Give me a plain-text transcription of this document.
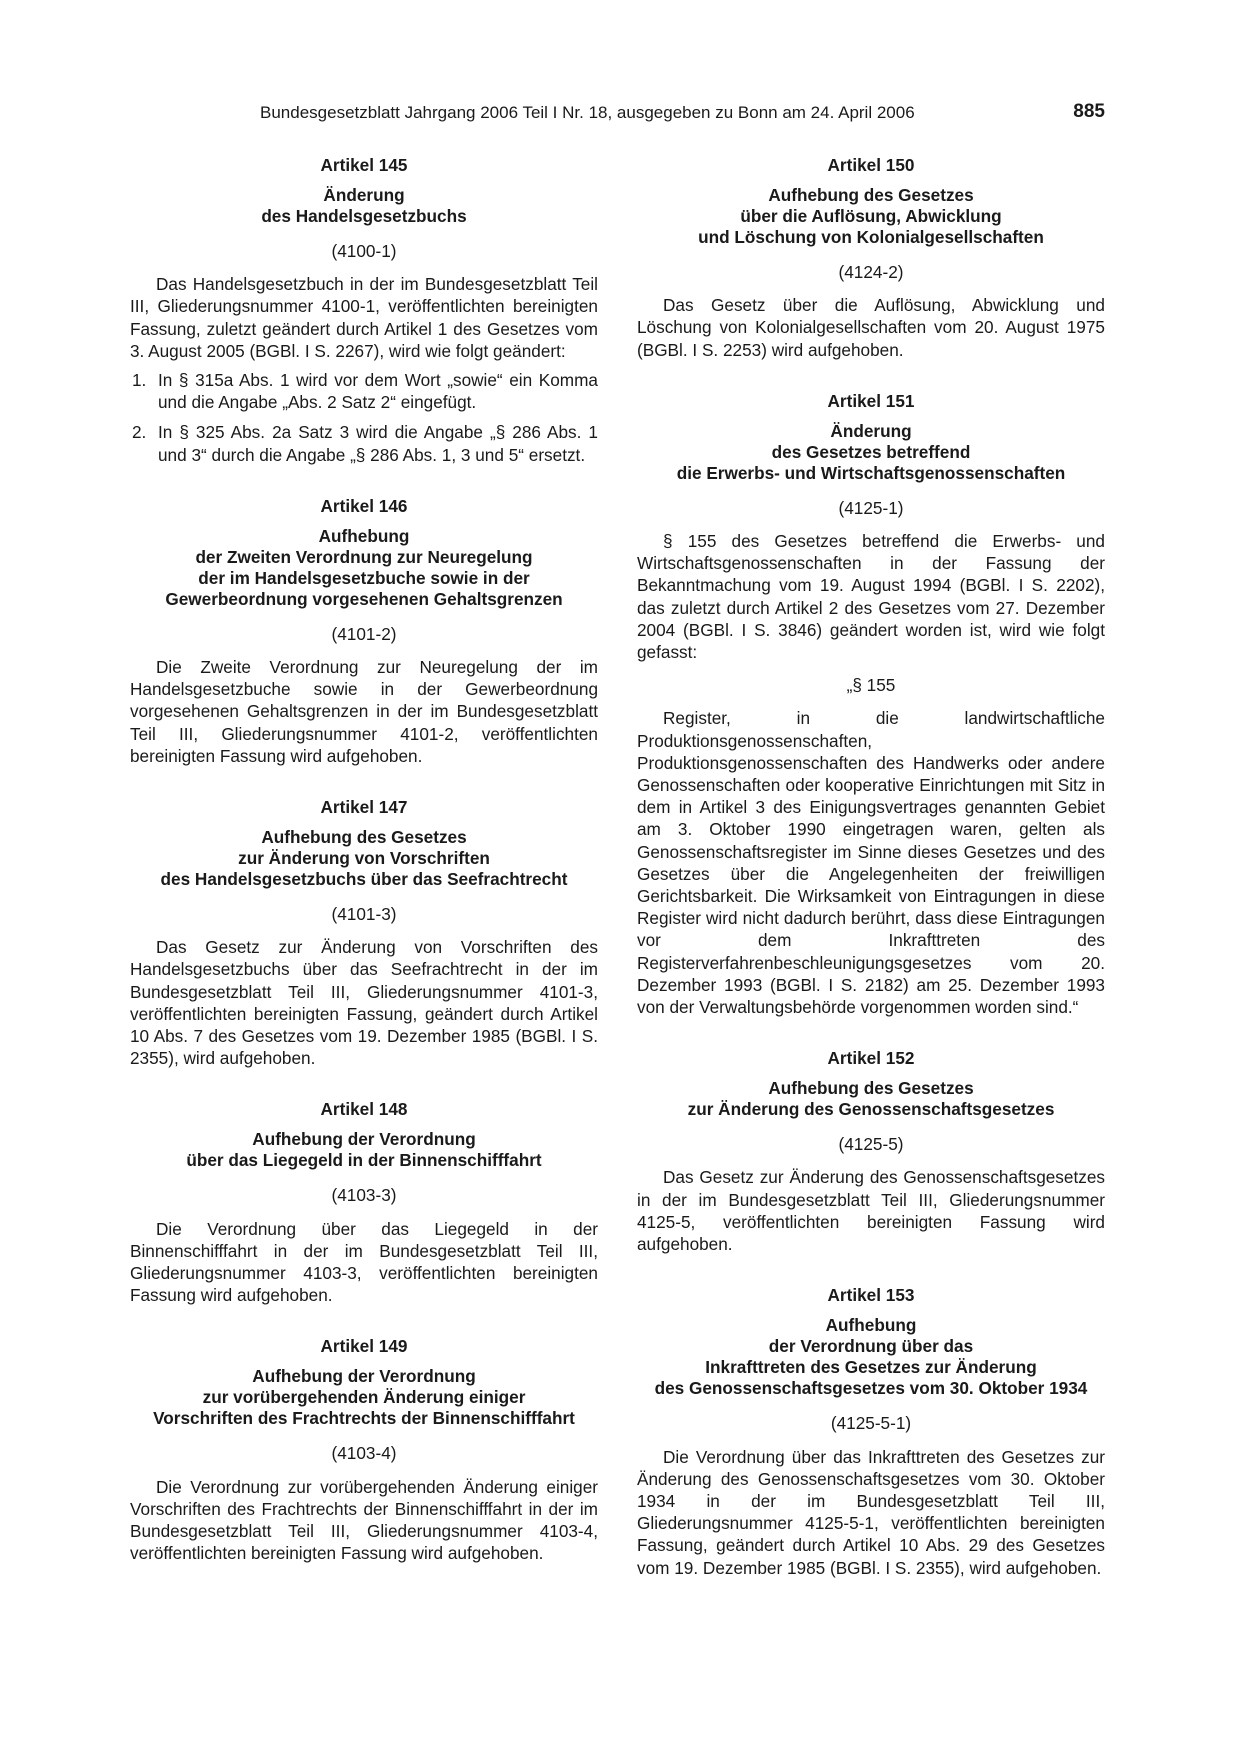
Bundesgesetzblatt Jahrgang 2006 Teil I Nr. 18, ausgegeben zu Bonn am 24. April 2006	885
Artikel 145
Änderung
des Handelsgesetzbuchs
(4100-1)

Das Handelsgesetzbuch in der im Bundesgesetzblatt Teil III, Gliederungsnummer 4100-1, veröffentlichten bereinigten Fassung, zuletzt geändert durch Artikel 1 des Gesetzes vom 3. August 2005 (BGBl. I S. 2267), wird wie folgt geändert:

1. In § 315a Abs. 1 wird vor dem Wort „sowie“ ein Komma und die Angabe „Abs. 2 Satz 2“ eingefügt.
2. In § 325 Abs. 2a Satz 3 wird die Angabe „§ 286 Abs. 1 und 3“ durch die Angabe „§ 286 Abs. 1, 3 und 5“ ersetzt.
Artikel 146
Aufhebung
der Zweiten Verordnung zur Neuregelung
der im Handelsgesetzbuche sowie in der
Gewerbeordnung vorgesehenen Gehaltsgrenzen
(4101-2)

Die Zweite Verordnung zur Neuregelung der im Handelsgesetzbuche sowie in der Gewerbeordnung vorgesehenen Gehaltsgrenzen in der im Bundesgesetzblatt Teil III, Gliederungsnummer 4101-2, veröffentlichten bereinigten Fassung wird aufgehoben.

Artikel 147
Aufhebung des Gesetzes
zur Änderung von Vorschriften
des Handelsgesetzbuchs über das Seefrachtrecht
(4101-3)

Das Gesetz zur Änderung von Vorschriften des Handelsgesetzbuchs über das Seefrachtrecht in der im Bundesgesetzblatt Teil III, Gliederungsnummer 4101-3, veröffentlichten bereinigten Fassung, geändert durch Artikel 10 Abs. 7 des Gesetzes vom 19. Dezember 1985 (BGBl. I S. 2355), wird aufgehoben.

Artikel 148
Aufhebung der Verordnung
über das Liegegeld in der Binnenschifffahrt
(4103-3)

Die Verordnung über das Liegegeld in der Binnenschifffahrt in der im Bundesgesetzblatt Teil III, Gliederungsnummer 4103-3, veröffentlichten bereinigten Fassung wird aufgehoben.

Artikel 149
Aufhebung der Verordnung
zur vorübergehenden Änderung einiger
Vorschriften des Frachtrechts der Binnenschifffahrt
(4103-4)

Die Verordnung zur vorübergehenden Änderung einiger Vorschriften des Frachtrechts der Binnenschifffahrt in der im Bundesgesetzblatt Teil III, Gliederungsnummer 4103-4, veröffentlichten bereinigten Fassung wird aufgehoben.

Artikel 150
Aufhebung des Gesetzes
über die Auflösung, Abwicklung
und Löschung von Kolonialgesellschaften
(4124-2)

Das Gesetz über die Auflösung, Abwicklung und Löschung von Kolonialgesellschaften vom 20. August 1975 (BGBl. I S. 2253) wird aufgehoben.

Artikel 151
Änderung
des Gesetzes betreffend
die Erwerbs- und Wirtschaftsgenossenschaften
(4125-1)

§ 155 des Gesetzes betreffend die Erwerbs- und Wirtschaftsgenossenschaften in der Fassung der Bekanntmachung vom 19. August 1994 (BGBl. I S. 2202), das zuletzt durch Artikel 2 des Gesetzes vom 27. Dezember 2004 (BGBl. I S. 3846) geändert worden ist, wird wie folgt gefasst:

„§ 155

Register, in die landwirtschaftliche Produktionsgenossenschaften, Produktionsgenossenschaften des Handwerks oder andere Genossenschaften oder kooperative Einrichtungen mit Sitz in dem in Artikel 3 des Einigungsvertrages genannten Gebiet am 3. Oktober 1990 eingetragen waren, gelten als Genossenschaftsregister im Sinne dieses Gesetzes und des Gesetzes über die Angelegenheiten der freiwilligen Gerichtsbarkeit. Die Wirksamkeit von Eintragungen in diese Register wird nicht dadurch berührt, dass diese Eintragungen vor dem Inkrafttreten des Registerverfahrenbeschleunigungsgesetzes vom 20. Dezember 1993 (BGBl. I S. 2182) am 25. Dezember 1993 von der Verwaltungsbehörde vorgenommen worden sind.“

Artikel 152
Aufhebung des Gesetzes
zur Änderung des Genossenschaftsgesetzes
(4125-5)

Das Gesetz zur Änderung des Genossenschaftsgesetzes in der im Bundesgesetzblatt Teil III, Gliederungsnummer 4125-5, veröffentlichten bereinigten Fassung wird aufgehoben.

Artikel 153
Aufhebung
der Verordnung über das
Inkrafttreten des Gesetzes zur Änderung
des Genossenschaftsgesetzes vom 30. Oktober 1934
(4125-5-1)

Die Verordnung über das Inkrafttreten des Gesetzes zur Änderung des Genossenschaftsgesetzes vom 30. Oktober 1934 in der im Bundesgesetzblatt Teil III, Gliederungsnummer 4125-5-1, veröffentlichten bereinigten Fassung, geändert durch Artikel 10 Abs. 29 des Gesetzes vom 19. Dezember 1985 (BGBl. I S. 2355), wird aufgehoben.
